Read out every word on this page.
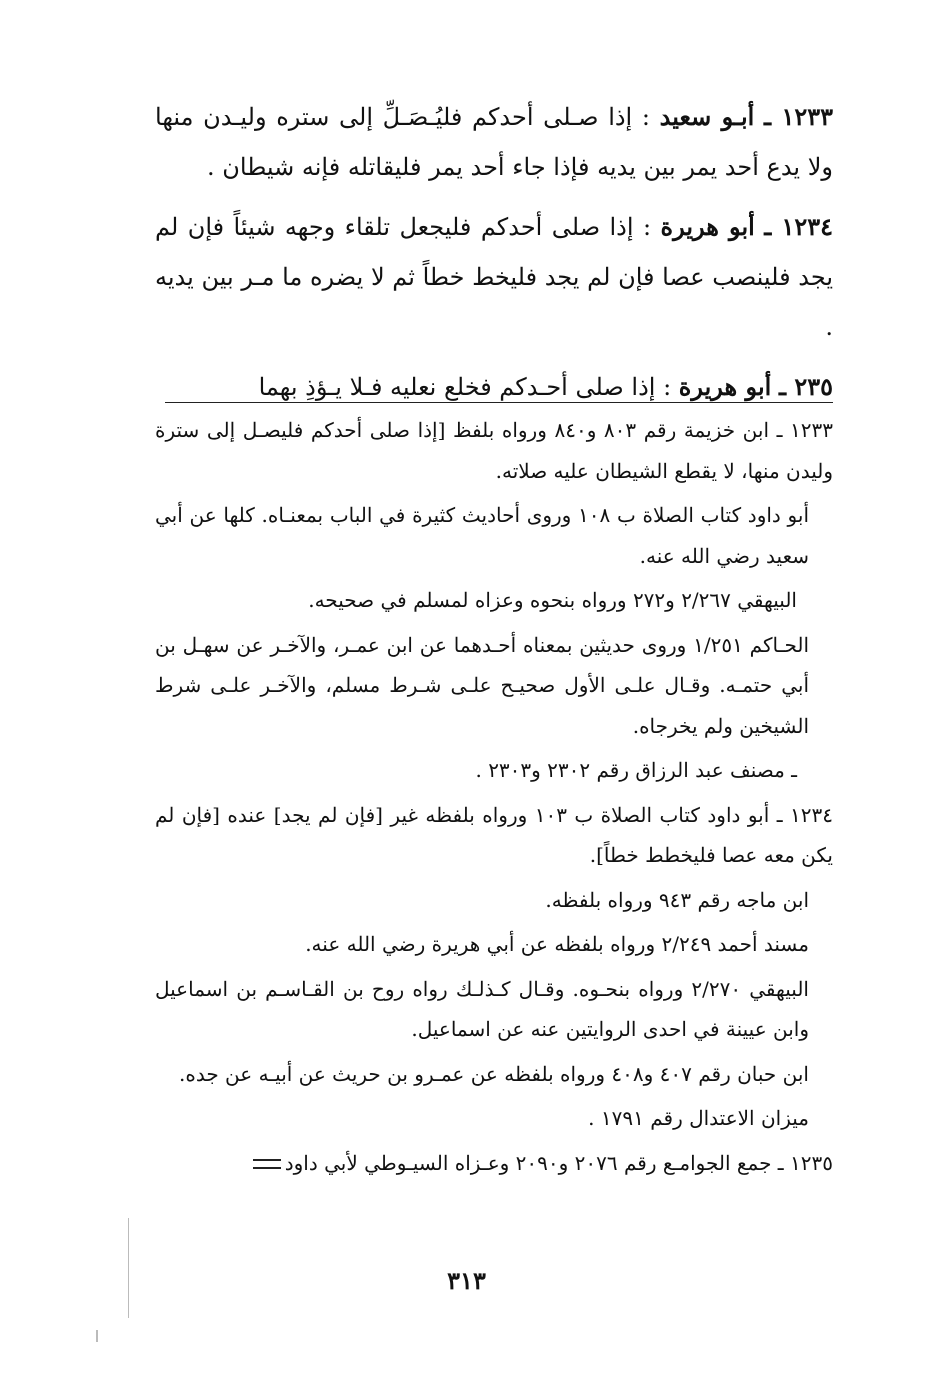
١٢٣٣ ـ أبـو سعيد : إذا صـلى أحدكم فليُـصَـلِّ إلى ستره وليـدن منها ولا يدع أحد يمر بين يديه فإذا جاء أحد يمر فليقاتله فإنه شيطان .

١٢٣٤ ـ أبو هريرة : إذا صلى أحدكم فليجعل تلقاء وجهه شيئاً فإن لم يجد فلينصب عصا فإن لم يجد فليخط خطاً ثم لا يضره ما مـر بين يديه .

٢٣٥ ـ أبو هريرة : إذا صلى أحـدكم فخلع نعليه فـلا يـؤذِ بهما

١٢٣٣ ـ ابن خزيمة رقم ٨٠٣ و٨٤٠ ورواه بلفظ [إذا صلى أحدكم فليصـل إلى سترة وليدن منها، لا يقطع الشيطان عليه صلاته.

أبو داود كتاب الصلاة ب ١٠٨ وروى أحاديث كثيرة في الباب بمعنـاه. كلها عن أبي سعيد رضي الله عنه.

البيهقي ٢/٢٦٧ و٢٧٢ ورواه بنحوه وعزاه لمسلم في صحيحه.

الحـاكم ١/٢٥١ وروى حديثين بمعناه أحـدهما عن ابن عمـر، والآخـر عن سهـل بن أبي حتمـه. وقـال علـى الأول صحيـح علـى شـرط مسلم، والآخـر علـى شرط الشيخين ولم يخرجاه.

ـ مصنف عبد الرزاق رقم ٢٣٠٢ و٢٣٠٣ .

١٢٣٤ ـ أبو داود كتاب الصلاة ب ١٠٣ ورواه بلفظه غير [فإن لم يجد] عنده [فإن لم يكن معه عصا فليخطط خطاً].

ابن ماجه رقم ٩٤٣ ورواه بلفظه.

مسند أحمد ٢/٢٤٩ ورواه بلفظه عن أبي هريرة رضي الله عنه.

البيهقي ٢/٢٧٠ ورواه بنحـوه. وقـال كـذلـك رواه روح بن القـاسـم بن اسماعيل وابن عيينة في احدى الروايتين عنه عن اسماعيل.

ابن حبان رقم ٤٠٧ و٤٠٨ ورواه بلفظه عن عمـرو بن حريث عن أبيـه عن جده.

ميزان الاعتدال رقم ١٧٩١ .

١٢٣٥ ـ جمع الجوامـع رقم ٢٠٧٦ و٢٠٩٠ وعـزاه السيـوطي لأبي داود

٣١٣
